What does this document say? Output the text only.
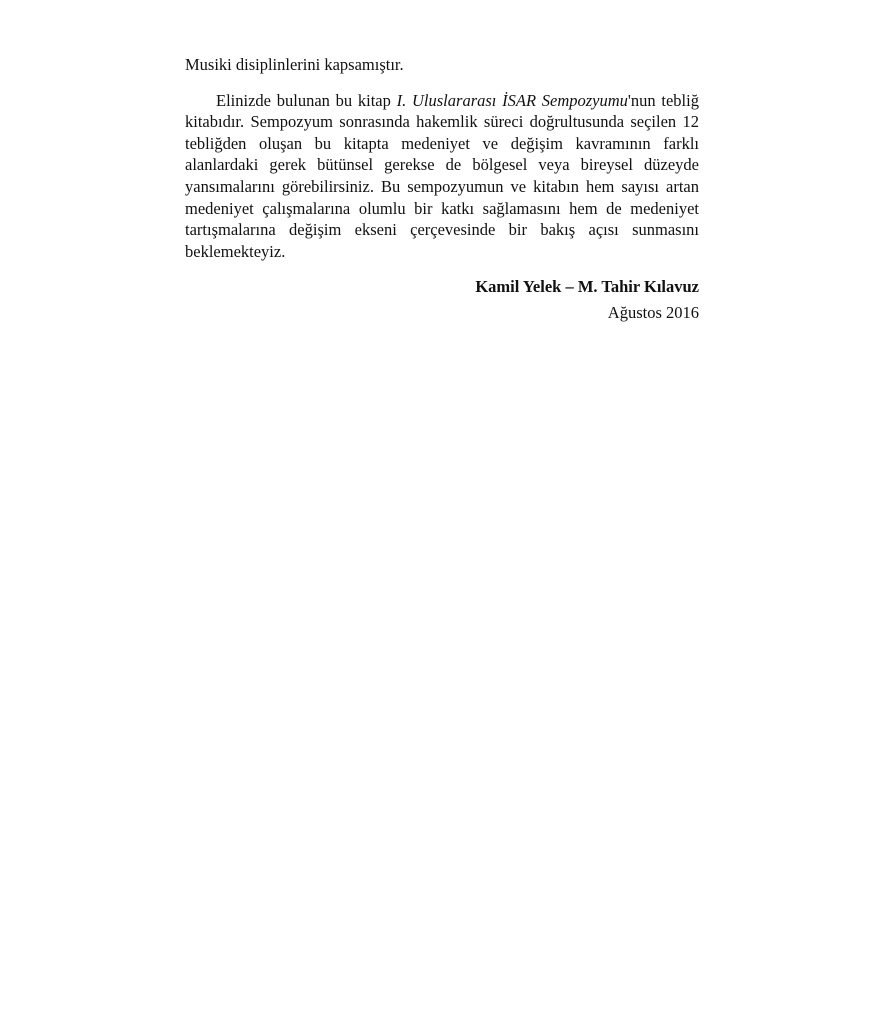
Musiki disiplinlerini kapsamıştır.

Elinizde bulunan bu kitap I. Uluslararası İSAR Sempozyumu'nun tebliğ kitabıdır. Sempozyum sonrasında hakemlik süreci doğrultusunda seçilen 12 tebliğden oluşan bu kitapta medeniyet ve değişim kavramının farklı alanlardaki gerek bütünsel gerekse de bölgesel veya bireysel düzeyde yansımalarını görebilirsiniz. Bu sempozyumun ve kitabın hem sayısı artan medeniyet çalışmalarına olumlu bir katkı sağlamasını hem de medeniyet tartışmalarına değişim ekseni çerçevesinde bir bakış açısı sunmasını beklemekteyiz.

Kamil Yelek – M. Tahir Kılavuz
Ağustos 2016
